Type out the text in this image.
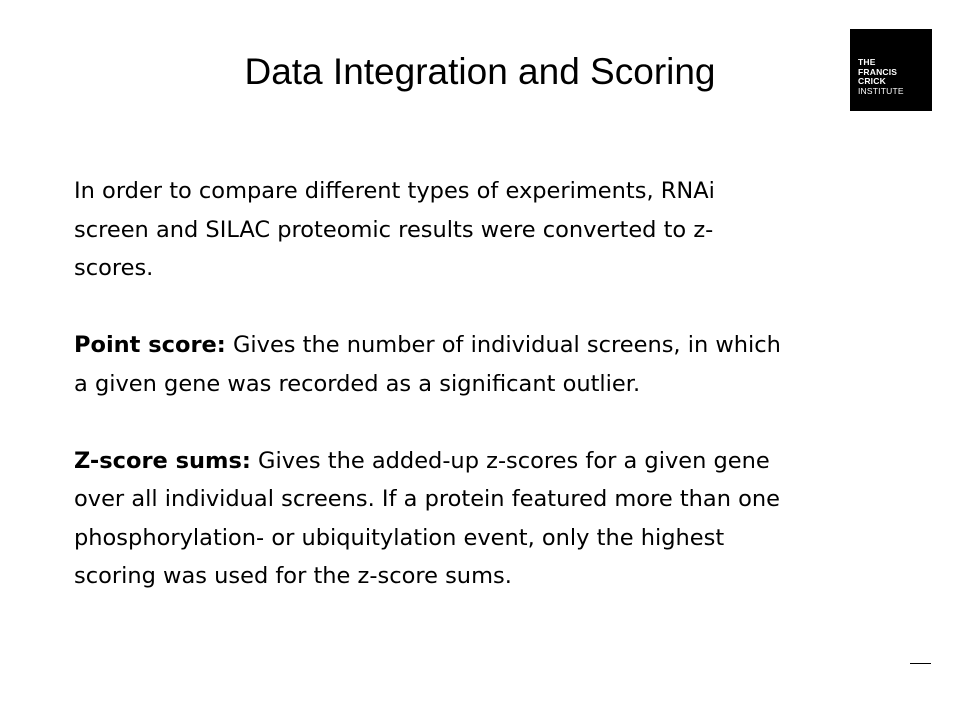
Data Integration and Scoring	THE
FRANCIS
CRICK
INSTITUTE
In order to compare different types of experiments, RNAi
screen and SILAC proteomic results were converted to z-
scores.
Point score: Gives the number of individual screens, in which
a given gene was recorded as a significant outlier.
Z-score sums: Gives the added-up z-scores for a given gene
over all individual screens. If a protein featured more than one
phosphorylation- or ubiquitylation event, only the highest
scoring was used for the z-score sums.
